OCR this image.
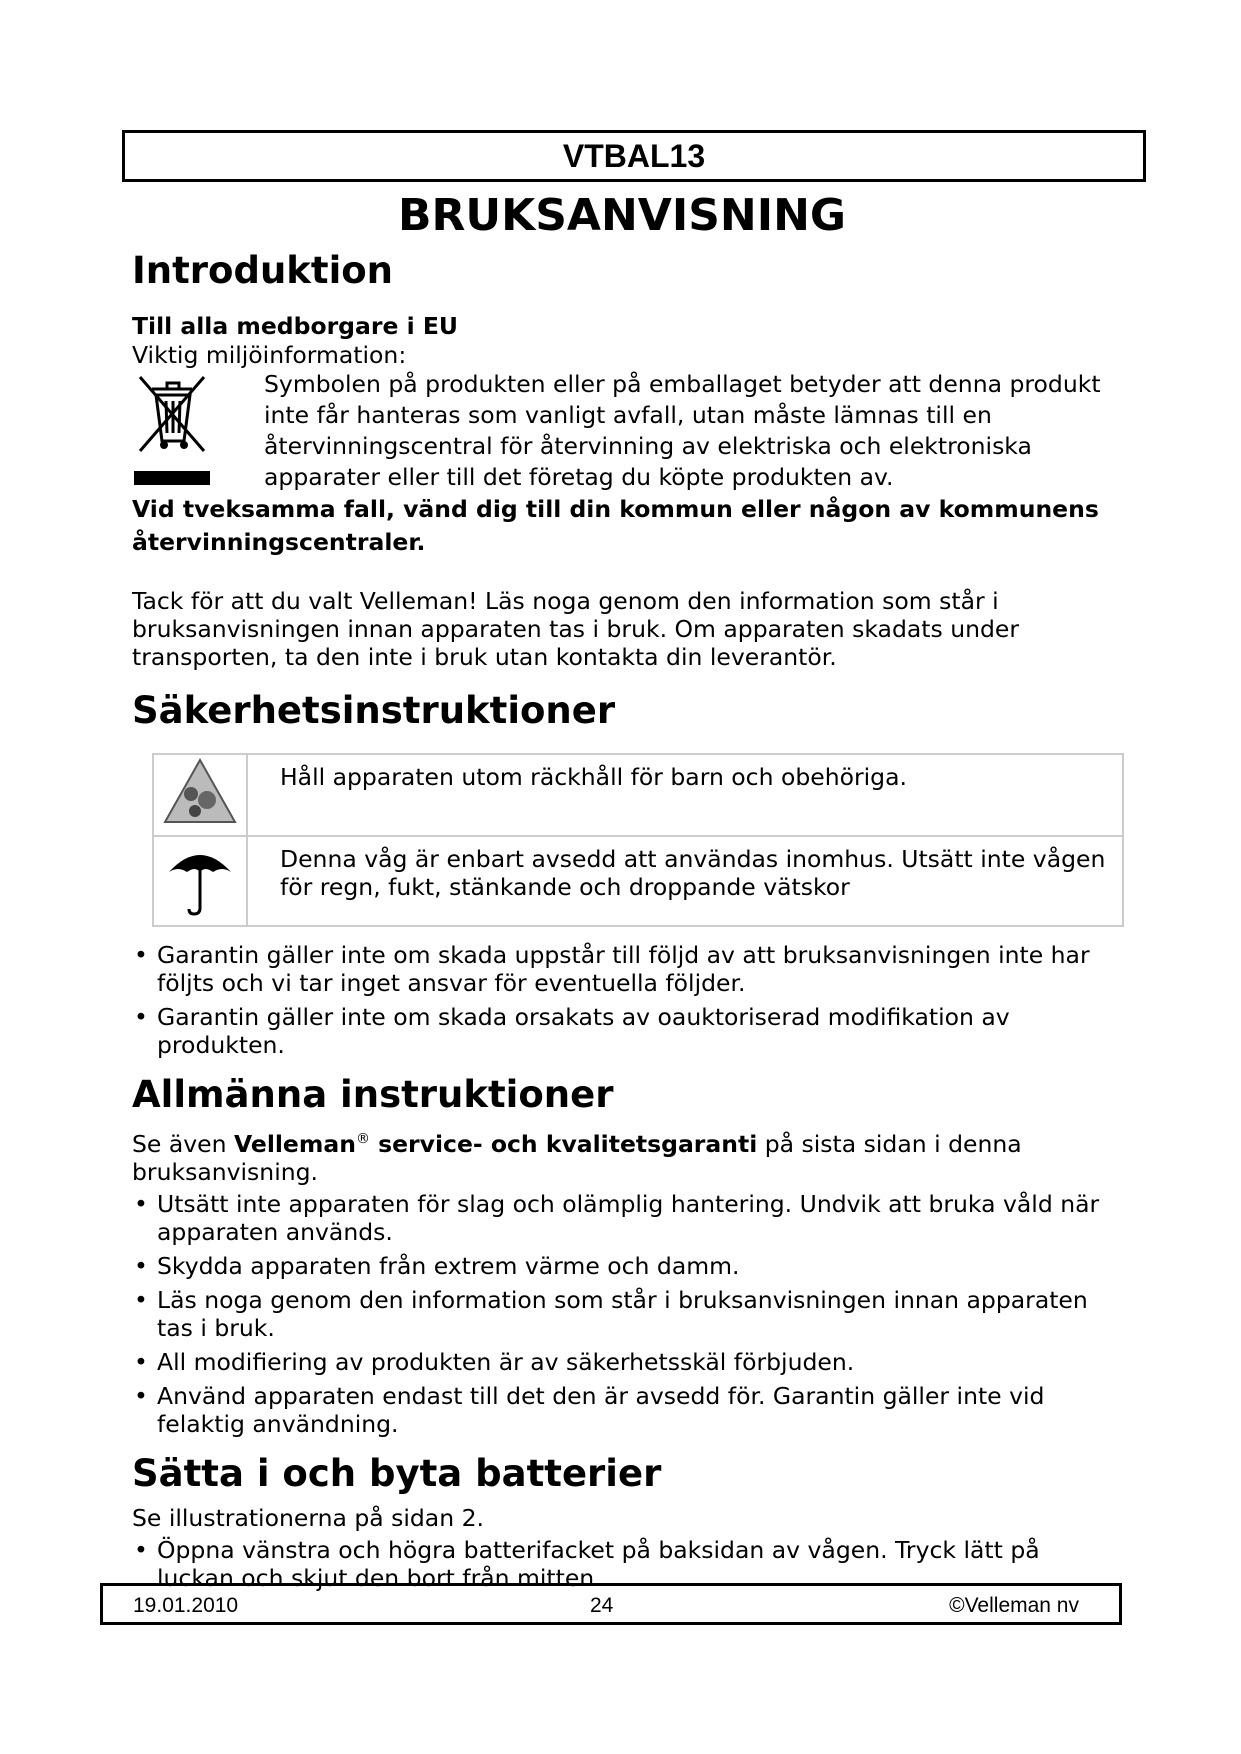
VTBAL13
BRUKSANVISNING
Introduktion
Till alla medborgare i EU

Viktig miljöinformation:

Symbolen på produkten eller på emballaget betyder att denna produkt inte får hanteras som vanligt avfall, utan måste lämnas till en återvinningscentral för återvinning av elektriska och elektroniska apparater eller till det företag du köpte produkten av.
Vid tveksamma fall, vänd dig till din kommun eller någon av kommunens återvinningscentraler.

Tack för att du valt Velleman! Läs noga genom den information som står i bruksanvisningen innan apparaten tas i bruk. Om apparaten skadats under transporten, ta den inte i bruk utan kontakta din leverantör.

Säkerhetsinstruktioner
	Håll apparaten utom räckhåll för barn och obehöriga.
	Denna våg är enbart avsedd att användas inomhus. Utsätt inte vågen för regn, fukt, stänkande och droppande vätskor
• Garantin gäller inte om skada uppstår till följd av att bruksanvisningen inte har följts och vi tar inget ansvar för eventuella följder.
• Garantin gäller inte om skada orsakats av oauktoriserad modifikation av produkten.
Allmänna instruktioner

Se även Velleman® service- och kvalitetsgaranti på sista sidan i denna bruksanvisning.

• Utsätt inte apparaten för slag och olämplig hantering. Undvik att bruka våld när apparaten används.
• Skydda apparaten från extrem värme och damm.
• Läs noga genom den information som står i bruksanvisningen innan apparaten tas i bruk.
• All modifiering av produkten är av säkerhetsskäl förbjuden.
• Använd apparaten endast till det den är avsedd för. Garantin gäller inte vid felaktig användning.
Sätta i och byta batterier

Se illustrationerna på sidan 2.

• Öppna vänstra och högra batterifacket på baksidan av vågen. Tryck lätt på luckan och skjut den bort från mitten.
19.01.2010	24	©Velleman nv
